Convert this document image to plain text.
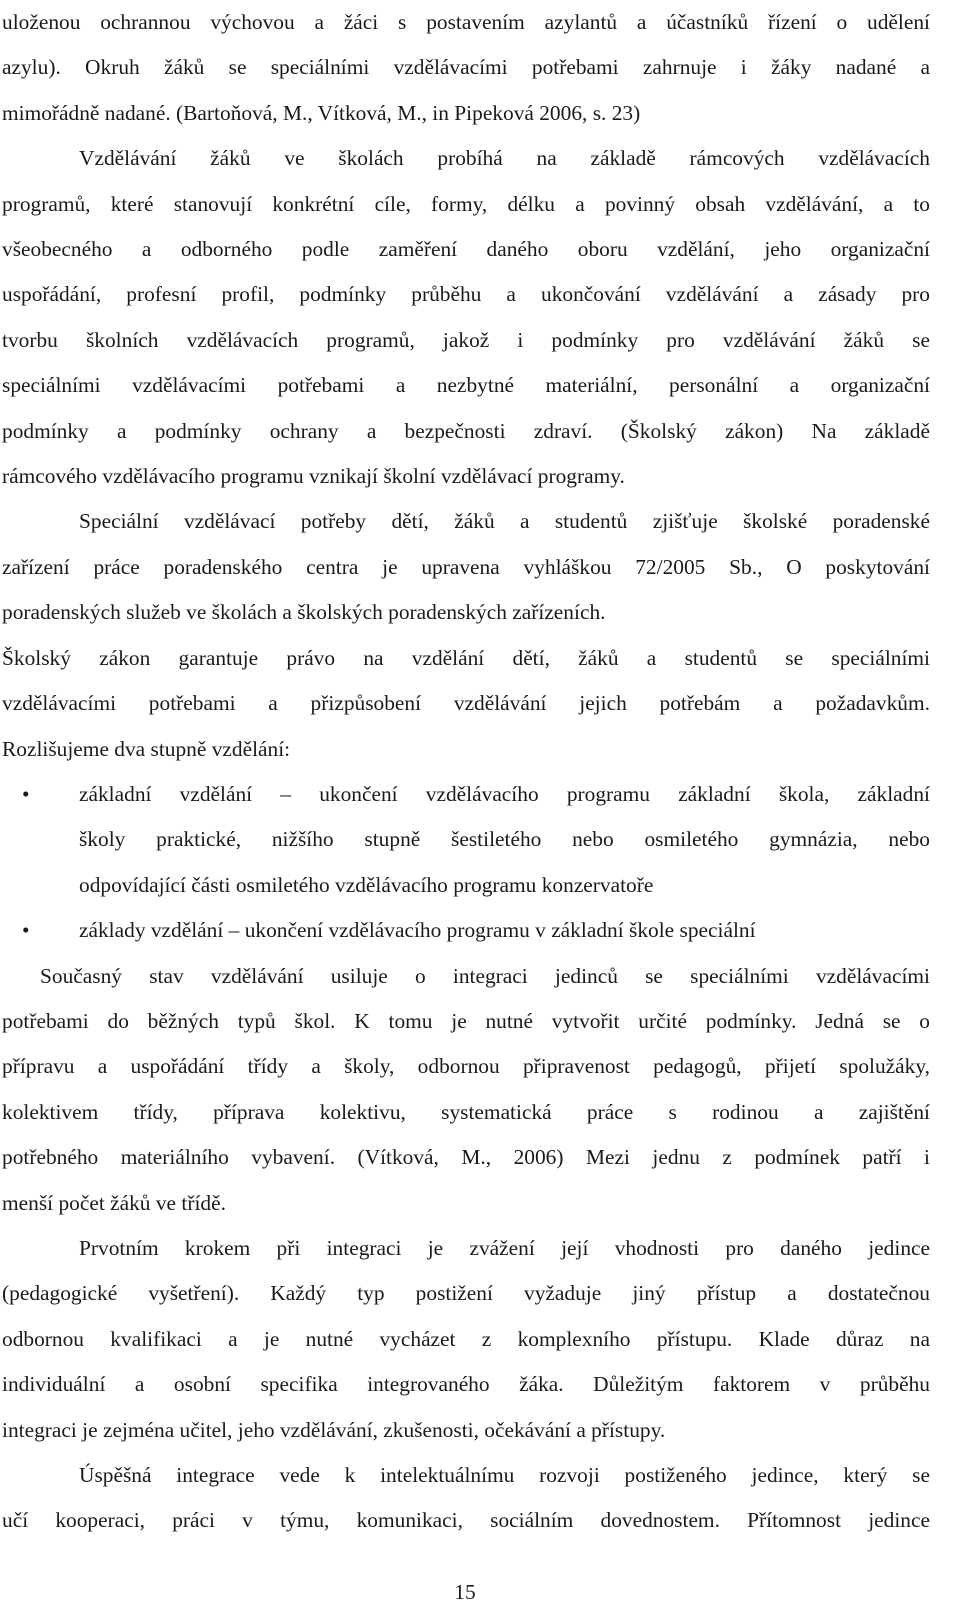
uloženou ochrannou výchovou a žáci s postavením azylantů a účastníků řízení o udělení
azylu). Okruh žáků se speciálními vzdělávacími potřebami zahrnuje i žáky nadané a
mimořádně nadané. (Bartoňová, M., Vítková, M., in Pipeková 2006, s. 23)
Vzdělávání žáků ve školách probíhá na základě rámcových vzdělávacích
programů, které stanovují konkrétní cíle, formy, délku a povinný obsah vzdělávání, a to
všeobecného a odborného podle zaměření daného oboru vzdělání, jeho organizační
uspořádání, profesní profil, podmínky průběhu a ukončování vzdělávání a zásady pro
tvorbu školních vzdělávacích programů, jakož i podmínky pro vzdělávání žáků se
speciálními vzdělávacími potřebami a nezbytné materiální, personální a organizační
podmínky a podmínky ochrany a bezpečnosti zdraví. (Školský zákon) Na základě
rámcového vzdělávacího programu vznikají školní vzdělávací programy.
Speciální vzdělávací potřeby dětí, žáků a studentů zjišťuje školské poradenské
zařízení práce poradenského centra je upravena vyhláškou 72/2005 Sb., O poskytování
poradenských služeb ve školách a školských poradenských zařízeních.
Školský zákon garantuje právo na vzdělání dětí, žáků a studentů se speciálními
vzdělávacími potřebami a přizpůsobení vzdělávání jejich potřebám a požadavkům.
Rozlišujeme dva stupně vzdělání:
• základní vzdělání – ukončení vzdělávacího programu základní škola, základní
školy praktické, nižšího stupně šestiletého nebo osmiletého gymnázia, nebo
odpovídající části osmiletého vzdělávacího programu konzervatoře
• základy vzdělání – ukončení vzdělávacího programu v základní škole speciální
Současný stav vzdělávání usiluje o integraci jedinců se speciálními vzdělávacími
potřebami do běžných typů škol. K tomu je nutné vytvořit určité podmínky. Jedná se o
přípravu a uspořádání třídy a školy, odbornou připravenost pedagogů, přijetí spolužáky,
kolektivem třídy, příprava kolektivu, systematická práce s rodinou a zajištění
potřebného materiálního vybavení. (Vítková, M., 2006) Mezi jednu z podmínek patří i
menší počet žáků ve třídě.
Prvotním krokem při integraci je zvážení její vhodnosti pro daného jedince
(pedagogické vyšetření). Každý typ postižení vyžaduje jiný přístup a dostatečnou
odbornou kvalifikaci a je nutné vycházet z komplexního přístupu. Klade důraz na
individuální a osobní specifika integrovaného žáka. Důležitým faktorem v průběhu
integraci je zejména učitel, jeho vzdělávání, zkušenosti, očekávání a přístupy.
Úspěšná integrace vede k intelektuálnímu rozvoji postiženého jedince, který se
učí kooperaci, práci v týmu, komunikaci, sociálním dovednostem. Přítomnost jedince
15
